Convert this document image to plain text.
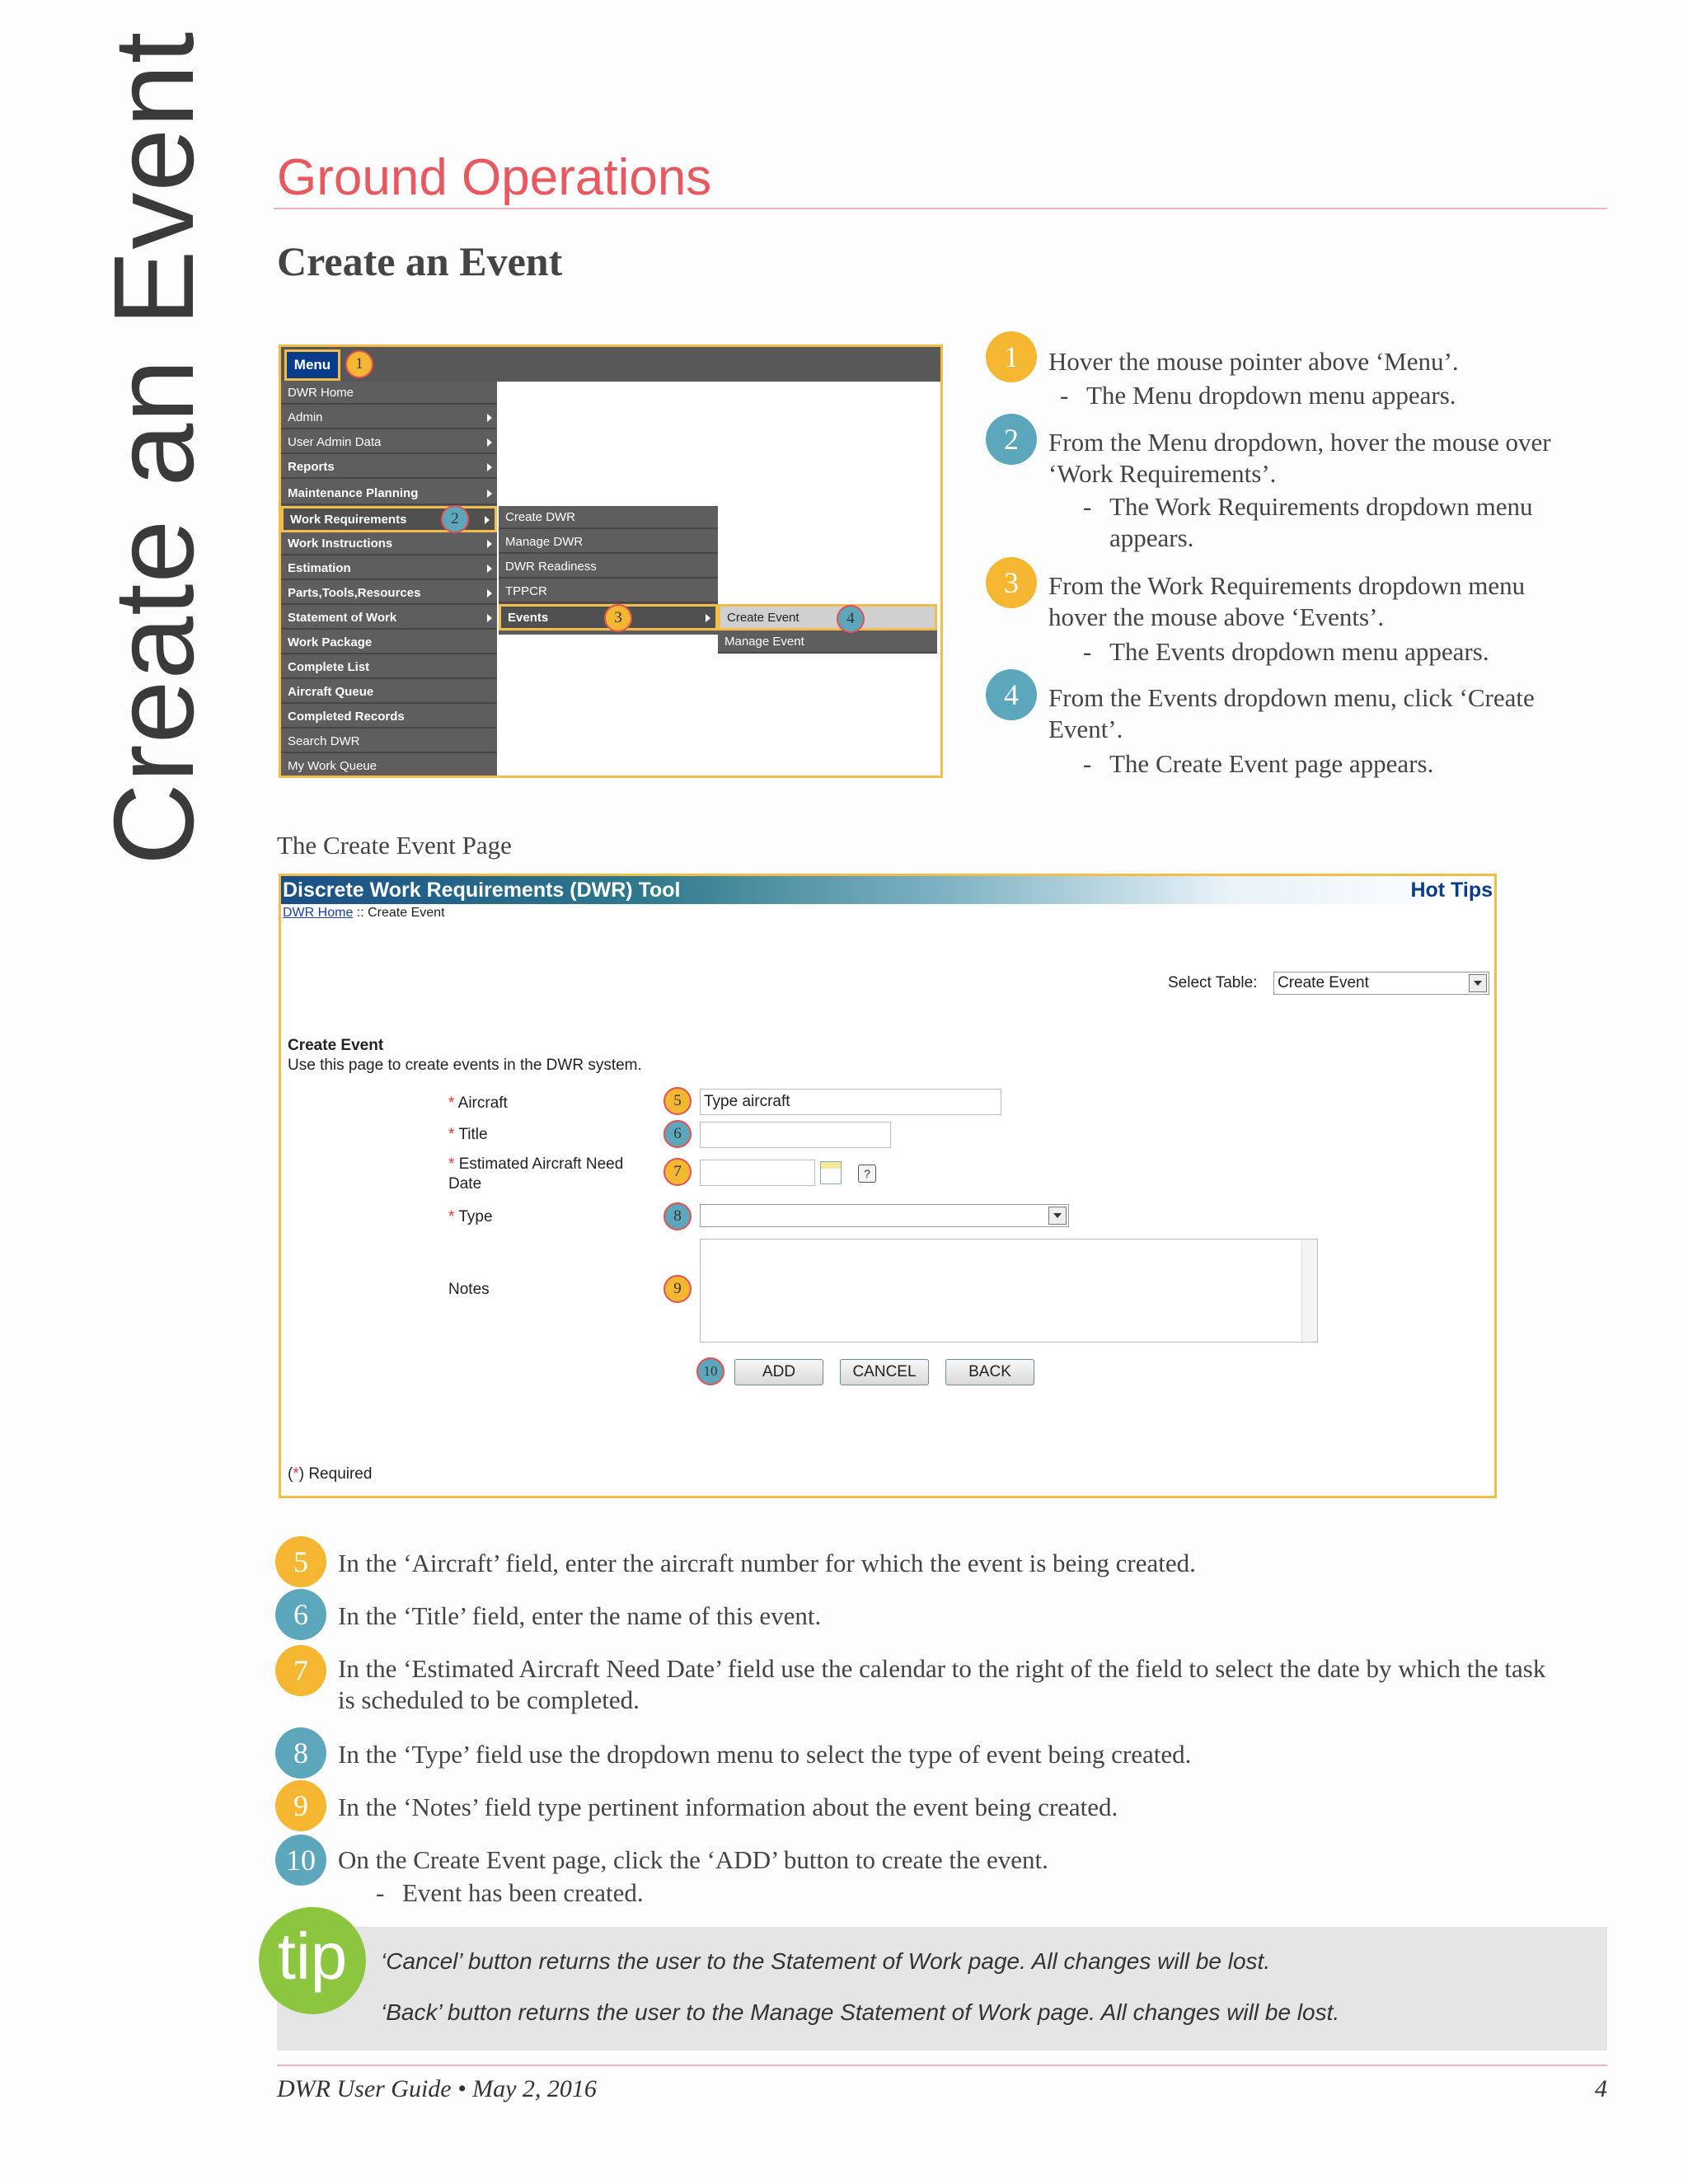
Create an Event Ground Operations
Create an Event
Menu	1
DWR Home
Admin
User Admin Data
Reports
Maintenance Planning
Work Requirements
Work Instructions
Estimation
Parts,Tools,Resources
Statement of Work
Work Package
Complete List
Aircraft Queue
Completed Records
Search DWR
My Work Queue
2	Create DWR
Manage DWR
DWR Readiness
TPPCR
Events	3	Create Event
Manage Event
4
1	Hover the mouse pointer above ‘Menu’.
- The Menu dropdown menu appears.
2	From the Menu dropdown, hover the mouse over ‘Work Requirements’.
- The Work Requirements dropdown menu appears.
3	From the Work Requirements dropdown menu hover the mouse above ‘Events’.
- The Events dropdown menu appears.
4	From the Events dropdown menu, click ‘Create Event’.
- The Create Event page appears.
The Create Event Page
Discrete Work Requirements (DWR) Tool	Hot Tips
DWR Home :: Create Event
Select Table: Create Event
Create Event
Use this page to create events in the DWR system.
* Aircraft	5	Type aircraft
* Title	6
* Estimated Aircraft Need Date
7	?
* Type	8
Notes	9
10	ADD	CANCEL	BACK
(*) Required
5	In the ‘Aircraft’ field, enter the aircraft number for which the event is being created.
6	In the ‘Title’ field, enter the name of this event.
7	In the ‘Estimated Aircraft Need Date’ field use the calendar to the right of the field to select the date by which the task is scheduled to be completed.
8	In the ‘Type’ field use the dropdown menu to select the type of event being created.
9	In the ‘Notes’ field type pertinent information about the event being created.
10 On the Create Event page, click the ‘ADD’ button to create the event.
- Event has been created.
tip	‘Cancel’ button returns the user to the Statement of Work page. All changes will be lost.
‘Back’ button returns the user to the Manage Statement of Work page. All changes will be lost.
DWR User Guide • May 2, 2016	4
